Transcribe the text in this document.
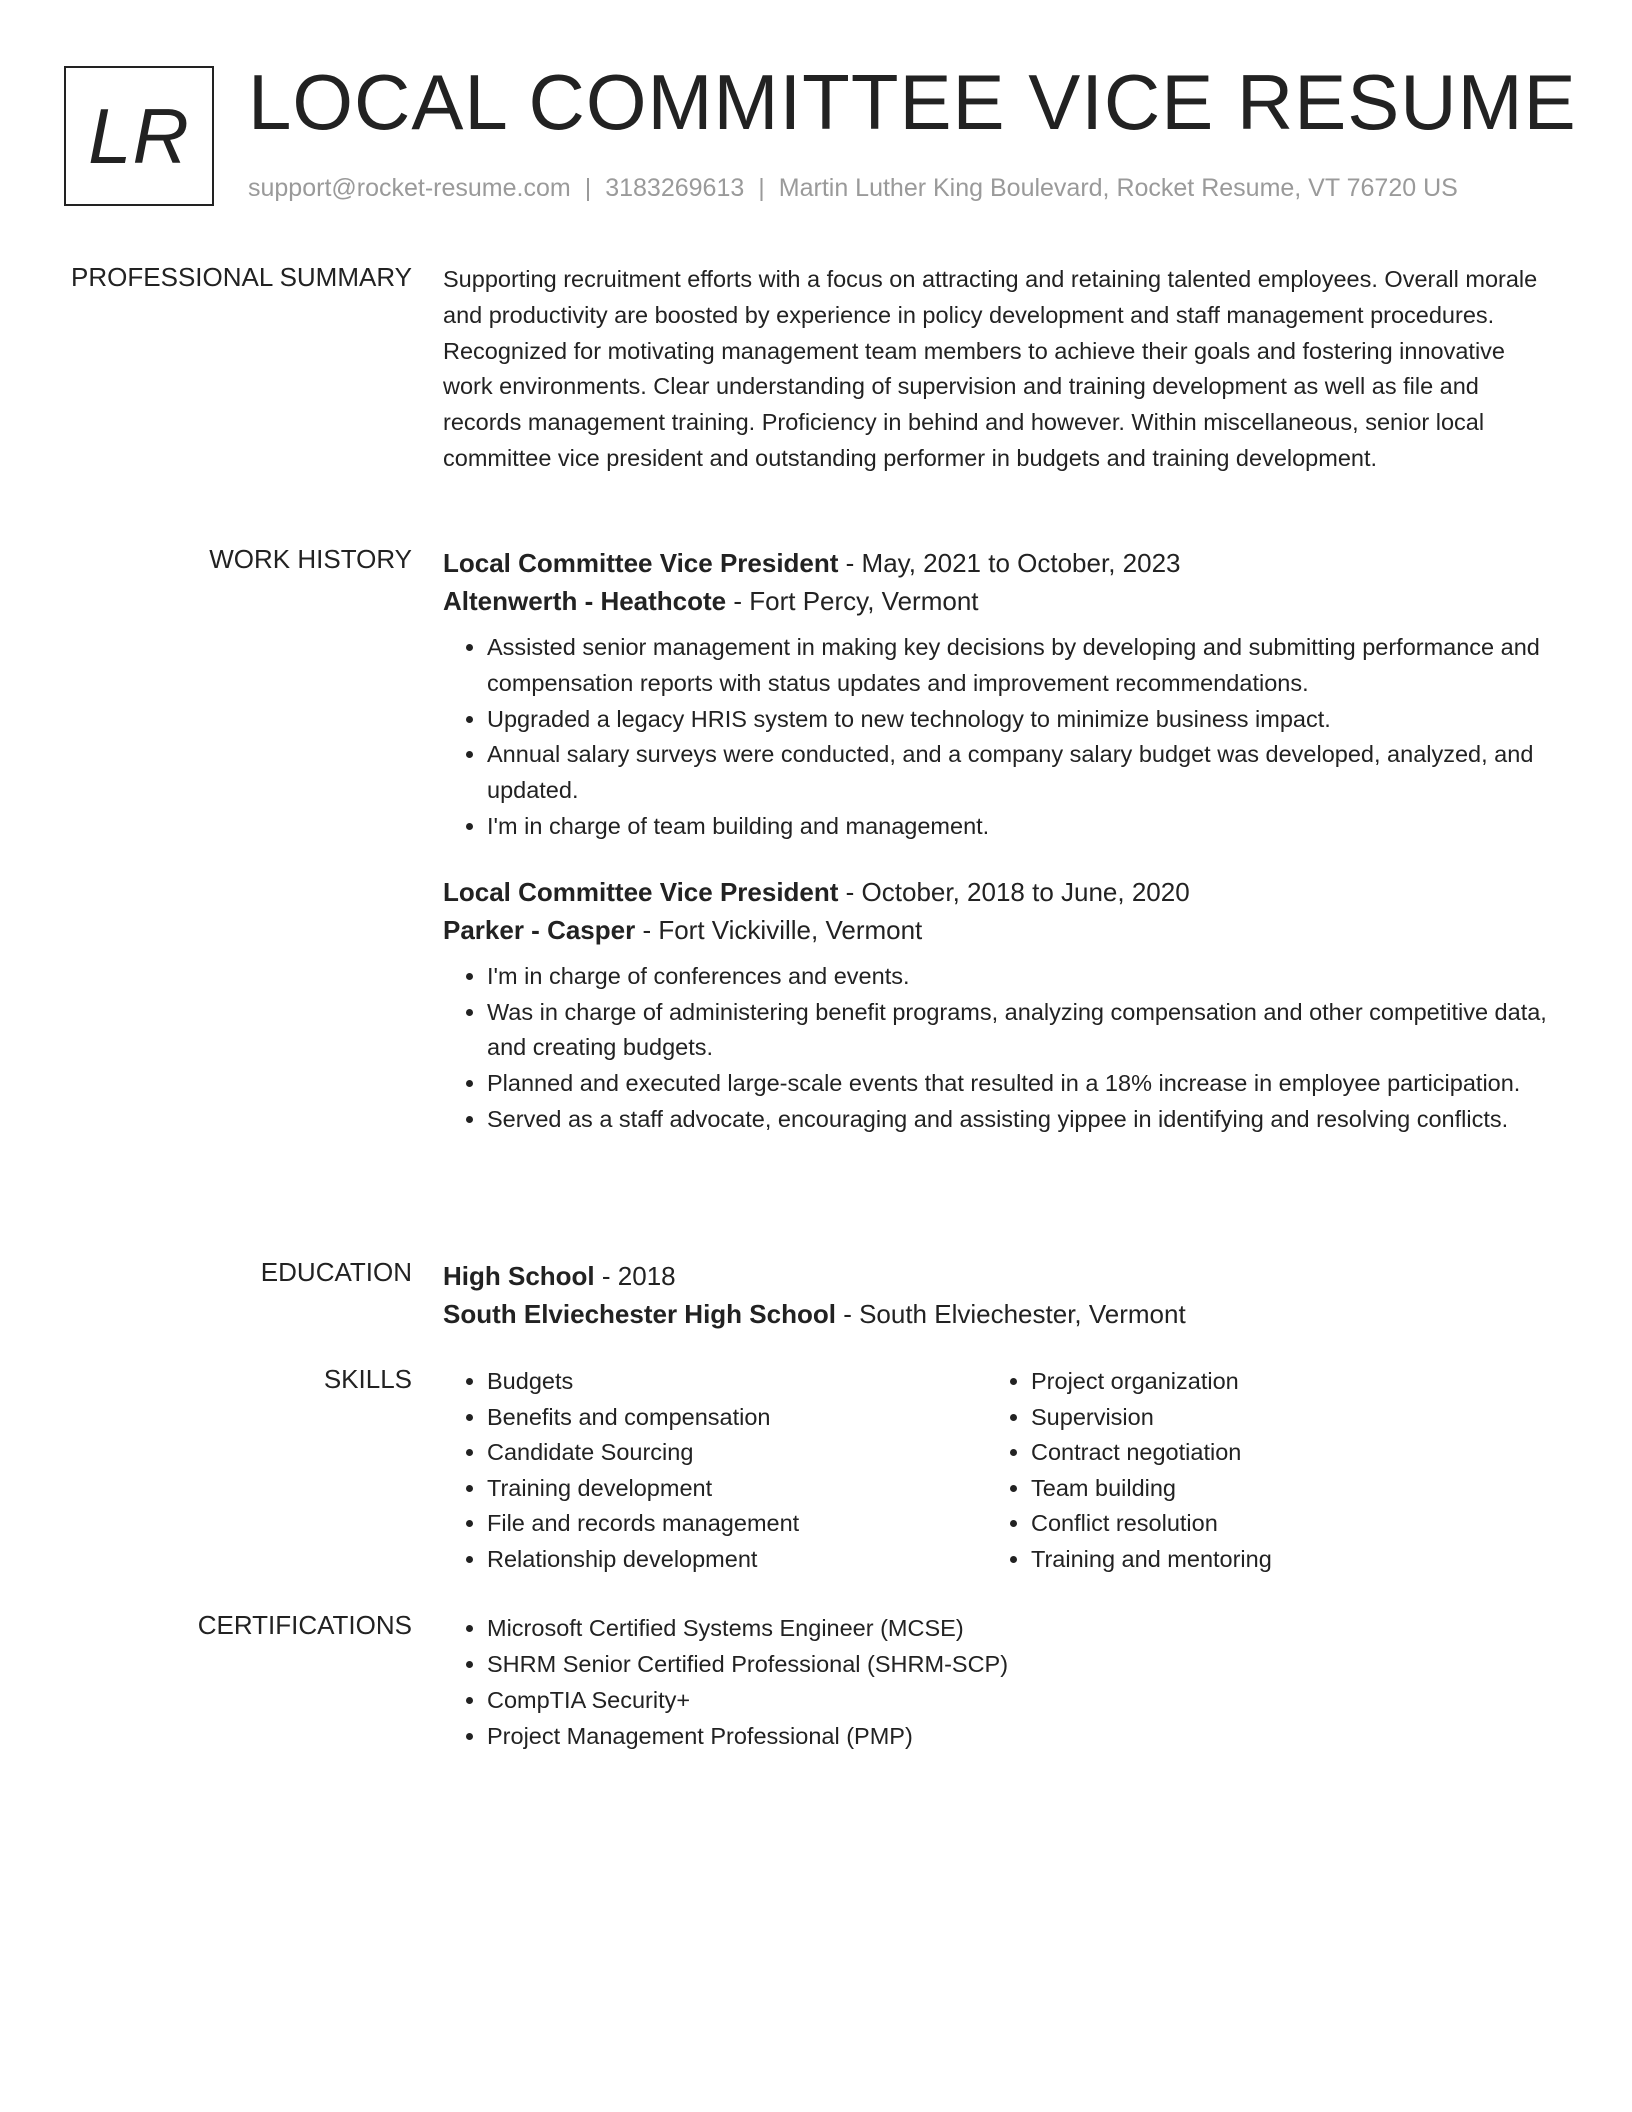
LR LOCAL COMMITTEE VICE RESUME
support@rocket-resume.com | 3183269613 | Martin Luther King Boulevard, Rocket Resume, VT 76720 US
PROFESSIONAL SUMMARY Supporting recruitment efforts with a focus on attracting and retaining talented employees. Overall morale and productivity are boosted by experience in policy development and staff management procedures. Recognized for motivating management team members to achieve their goals and fostering innovative work environments. Clear understanding of supervision and training development as well as file and records management training. Proficiency in behind and however. Within miscellaneous, senior local committee vice president and outstanding performer in budgets and training development.

WORK HISTORY Local Committee Vice President - May, 2021 to October, 2023
Altenwerth - Heathcote - Fort Percy, Vermont
• Assisted senior management in making key decisions by developing and submitting performance and compensation reports with status updates and improvement recommendations.
• Upgraded a legacy HRIS system to new technology to minimize business impact.
• Annual salary surveys were conducted, and a company salary budget was developed, analyzed, and updated.
• I'm in charge of team building and management.
Local Committee Vice President - October, 2018 to June, 2020
Parker - Casper - Fort Vickiville, Vermont
• I'm in charge of conferences and events.
• Was in charge of administering benefit programs, analyzing compensation and other competitive data, and creating budgets.
• Planned and executed large-scale events that resulted in a 18% increase in employee participation.
• Served as a staff advocate, encouraging and assisting yippee in identifying and resolving conflicts.
EDUCATION High School - 2018
South Elviechester High School - South Elviechester, Vermont
SKILLS	• Budgets
• Benefits and compensation
• Candidate Sourcing
• Training development
• File and records management
• Relationship development
• Project organization
• Supervision
• Contract negotiation
• Team building
• Conflict resolution
• Training and mentoring
CERTIFICATIONS	• Microsoft Certified Systems Engineer (MCSE)
• SHRM Senior Certified Professional (SHRM-SCP)
• CompTIA Security+
• Project Management Professional (PMP)
